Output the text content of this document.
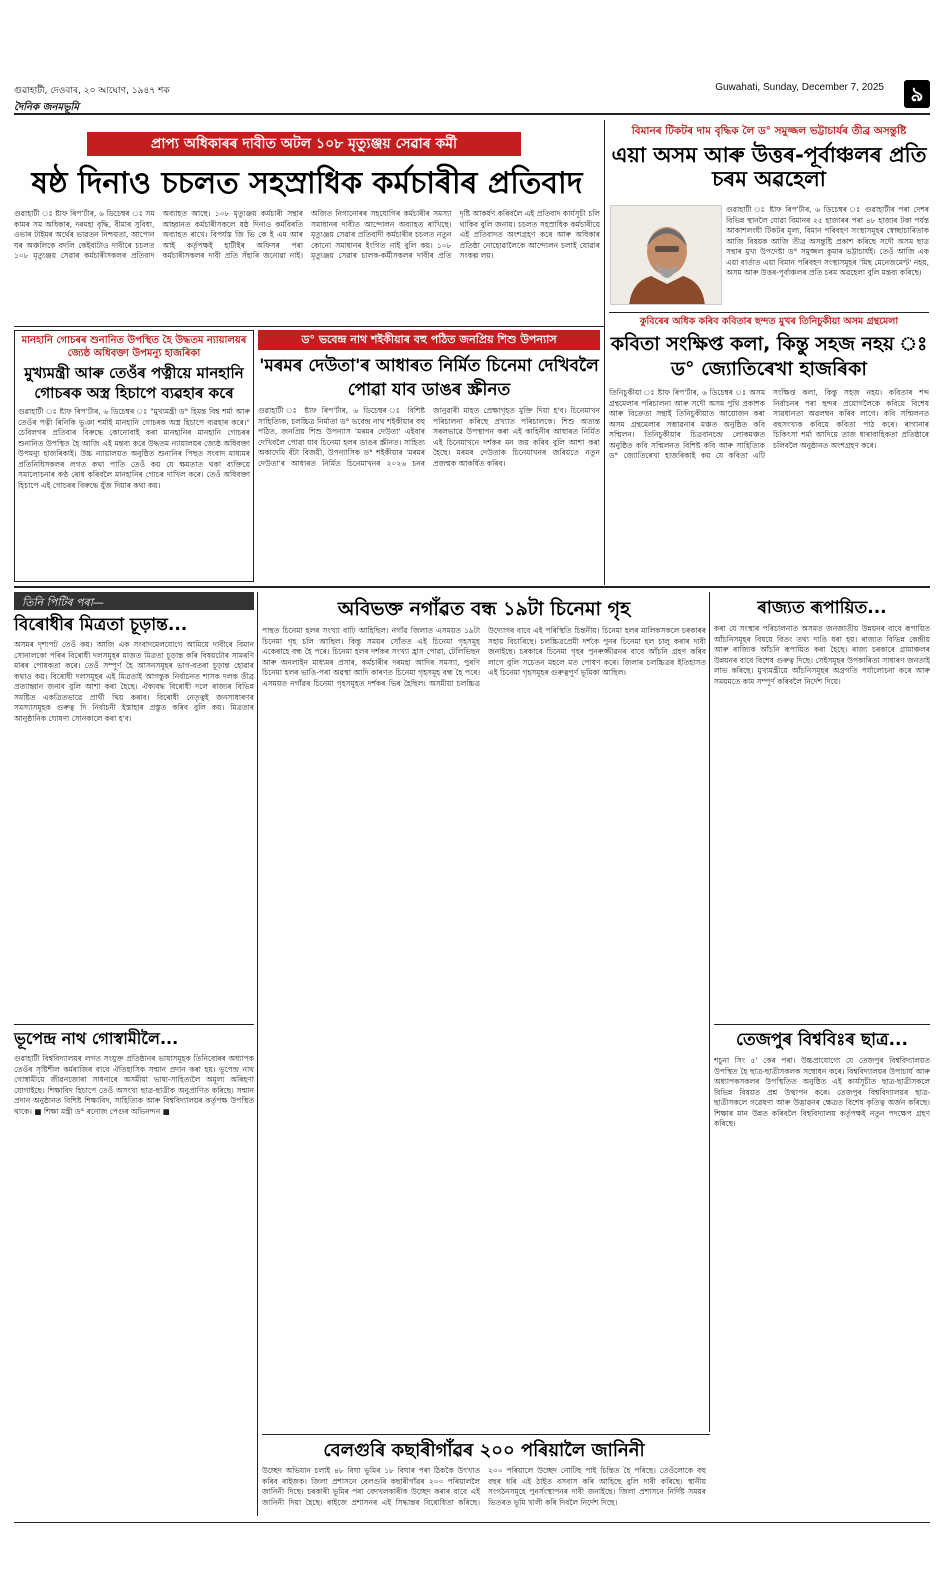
গুৱাহাটী, দেওবাৰ, ২০ আঘোণ, ১৯৪৭ শক	Guwahati, Sunday, December 7, 2025	৯
দৈনিক জনমভূমি
প্ৰাপ্য অধিকাৰৰ দাবীত অটল ১০৮ মৃত্যুঞ্জয় সেৱাৰ কৰ্মী
ষষ্ঠ দিনাও চচলত সহস্ৰাধিক কৰ্মচাৰীৰ প্ৰতিবাদ
গুৱাহাটী ঃ ষ্টাফ ৰিপ'ৰ্টাৰ, ৬ ডিচেম্বৰ ঃ সম কামৰ সম অধিকাৰ, দৰমহা বৃদ্ধি, বীমাৰ সুবিধা, ওভাৰ টাইমৰ অৰ্থেৰ ভাৱতন নিশ্চয়তা, আপোন ঘৰ অঞ্চলিকে বদলি কেইবাটাও দাবীৰে চচলত ১০৮ মৃত্যুঞ্জয় সেৱাৰ কৰ্মচাৰীসকলৰ প্ৰতিবাদ অব্যাহত আছে। ১০৮ মৃত্যুঞ্জয় কৰ্মচাৰী সন্থাৰ আহ্বানত কৰ্মচাৰীসকলে ষষ্ঠ দিনাও কৰ্মবিৰতি অব্যাহত ৰাখে। বিপৰ্যস্ত জি ভি কে ই এম আৰ আই কৰ্তৃপক্ষই হাটীইৰ অফিসৰ পৰা কৰ্মচাৰীসকলৰ দাবী প্ৰতি সঁহাৰি জনোৱা নাই। অজিত নিগানোৰৰ সহযোগিৰ কৰ্মচাৰীৰ সমস্যা সমাধানৰ দাবীত আন্দোলন অব্যাহত ৰাখিছে। মৃত্যুঞ্জয় সেৱাৰ প্ৰতিবাদী কৰ্মচাৰীৰ চচলত নতুন কোনো সমাধানৰ ইংগিত নাই বুলি কয়। ১০৮ মৃত্যুঞ্জয় সেৱাৰ চালক-কৰ্মীসকলৰ দাবীৰ প্ৰতি দৃষ্টি আকৰ্ষণ কৰিবলৈ এই প্ৰতিবাদ কাৰ্যসূচী চলি থাকিব বুলি জনায়। চচলত সহস্ৰাধিক কৰ্মচাৰীয়ে এই প্ৰতিবাদত অংশগ্ৰহণ কৰে আৰু অধিকাৰ প্ৰতিষ্ঠা নোহোৱালৈকে আন্দোলন চলাই যোৱাৰ সংকল্প লয়।
বিমানৰ টিকটৰ দাম বৃদ্ধিক লৈ ড° সমুজ্জল ভট্টাচাৰ্যৰ তীব্ৰ অসন্তুষ্টি
এয়া অসম আৰু উত্তৰ-পূৰ্বাঞ্চলৰ প্ৰতি চৰম অৱহেলা
গুৱাহাটী ঃ ষ্টাফ ৰিপ'ৰ্টাৰ, ৬ ডিচেম্বৰ ঃ গুৱাহাটীৰ পৰা দেশৰ বিভিন্ন স্থানলৈ যোৱা বিমানৰ ২৫ হাজাৰৰ পৰা ৪৮ হাজাৰ টকা পৰ্যন্ত আকাশলংঘী টিকটৰ মূল্য, বিমান পৰিবহণ সংস্থাসমূহৰ স্বেচ্ছাচাৰিতাক আজি বিষয়ক আজি তীব্ৰ অসন্তুষ্টি প্ৰকাশ কৰিছে সদৌ অসম ছাত্ৰ সন্থাৰ মুখ্য উপদেষ্টা ড° সমুজ্জল কুমাৰ ভট্টাচাৰ্যই। তেওঁ আজি এক এয়া বাৰ্তাত এয়া বিমান পৰিবহণ সংস্থাসমূহৰ 'মিছ মেনেজমেণ্ট' নহয়, অসম আৰু উত্তৰ-পূৰ্বাঞ্চলৰ প্ৰতি চৰম অৱহেলা বুলি মন্তব্য কৰিছে।
মানহানি গোচৰৰ শুনানিত উপস্থিত হৈ উদ্ধতম ন্যায়ালয়ৰ জ্যেষ্ঠ অধিবক্তা উপমন্যু হাজৰিকা
মুখ্যমন্ত্ৰী আৰু তেওঁৰ পত্নীয়ে মানহানি গোচৰক অস্ত্ৰ হিচাপে ব্যৱহাৰ কৰে
গুৱাহাটী ঃ ষ্টাফ ৰিপ'ৰ্টাৰ, ৬ ডিচেম্বৰ ঃ "মুখ্যমন্ত্ৰী ড° হিমন্ত বিশ্ব শৰ্মা আৰু তেওঁৰ পত্নী ৰিনিকি ভূঞা শৰ্মাই মানহানি গোচৰক অস্ত্ৰ হিচাপে ব্যৱহাৰ কৰে।" চেবিলগৰ প্ৰতিবাৰ বিৰুদ্ধে কোনোবাই কৰা মানহানিৰ মানহানি গোচৰৰ শুনানিত উপস্থিত হৈ আজি এই মন্তব্য কৰে উদ্ধতম ন্যায়ালয়ৰ জ্যেষ্ঠ অধিবক্তা উপমন্যু হাজৰিকাই। উচ্চ ন্যায়ালয়ত অনুষ্ঠিত শুনানিৰ পিছত সংবাদ মাধ্যমৰ প্ৰতিনিধিসকলৰ লগত কথা পাতি তেওঁ কয় যে ক্ষমতাত থকা ব্যক্তিয়ে সমালোচনাৰ কণ্ঠ ৰোধ কৰিবলৈ মানহানিৰ গোচৰ দাখিল কৰে। তেওঁ অধিবক্তা হিচাপে এই গোচৰৰ বিৰুদ্ধে যুঁজ দিয়াৰ কথা কয়।
ড° ভবেন্দ্ৰ নাথ শইকীয়াৰ বহু পঠিত জনপ্ৰিয় শিশু উপন্যাস
'মৰমৰ দেউতা'ৰ আধাৰত নিৰ্মিত চিনেমা দেখিবলৈ পোৱা যাব ডাঙৰ স্ক্ৰীনত
গুৱাহাটী ঃ ষ্টাফ ৰিপ'ৰ্টাৰ, ৬ ডিচেম্বৰ ঃ বিশিষ্ট সাহিত্যিক, চলচ্চিত্ৰ নিৰ্মাতা ড° ভবেন্দ্ৰ নাথ শইকীয়াৰ বহু পঠিত, জনপ্ৰিয় শিশু উপন্যাস 'মৰমৰ দেউতা' এইবাৰ দেখিবলৈ পোৱা যাব চিনেমা হলৰ ডাঙৰ স্ক্ৰীনত। সাহিত্য অকাদেমি বঁটা বিজয়ী, উপন্যাসিক ড° শইকীয়াৰ 'মৰমৰ দেউতা'ৰ আধাৰত নিৰ্মিত চিনেমাখনৰ ২০২৬ চনৰ জানুৱাৰী মাহত প্ৰেক্ষাগৃহত মুক্তি দিয়া হ'ব। চিনেমাখন পৰিচালনা কৰিছে প্ৰখ্যাত পৰিচালকে। শিশু অত্যন্ত সৰলভাৱে উপস্থাপন কৰা এই কাহিনীৰ আধাৰত নিৰ্মিত এই চিনেমাখনে দৰ্শকৰ মন জয় কৰিব বুলি আশা কৰা হৈছে। মৰমৰ দেউতাক চিনেমাখনৰ জৰিয়তে নতুন প্ৰজন্মক আকৰ্ষিত কৰিব।
কুবিৰেৰ অধিক কৰিব কবিতাৰ ছন্দত মুখৰ তিনিচুকীয়া অসম গ্ৰন্থমেলা
কবিতা সংক্ষিপ্ত কলা, কিন্তু সহজ নহয় ঃ ড° জ্যোতিৰেখা হাজৰিকা
তিনিচুকীয়া ঃ ষ্টাফ ৰিপ'ৰ্টাৰ, ৬ ডিচেম্বৰ ঃ অসম গ্ৰন্থমেলাৰ পৰিচালনা আৰু সদৌ অসম পুথি প্ৰকাশক আৰু বিক্ৰেতা সন্থাই তিনিচুকীয়াত আয়োজন কৰা অসম গ্ৰন্থমেলাৰ সম্ভাৱনাৰ মঞ্চত অনুষ্ঠিত কবি সন্মিলন। তিনিচুকীয়াৰ চিত্ৰবানচন্দ্ৰ লোকমঞ্চত অনুষ্ঠিত কবি সন্মিলনত বিশিষ্ট কবি আৰু সাহিত্যিক ড° জ্যোতিৰেখা হাজৰিকাই কয় যে কবিতা এটি সংক্ষিপ্ত কলা, কিন্তু সহজ নহয়। কবিতাৰ শব্দ নিৰ্বাচনৰ পৰা ছন্দৰ প্ৰয়োগলৈকে কবিয়ে বিশেষ সাৱধানতা অৱলম্বন কৰিব লাগে। কবি সন্মিলনত বহুসংখ্যক কবিয়ে কবিতা পাঠ কৰে। ৰাগানাৰ চিকিৎসা শৰ্মা আদিয়ে তাজ ধাৰাবাহিকতা প্ৰতিষ্ঠাৰে চলিবলৈ অনুষ্ঠানত অংশগ্ৰহণ কৰে।
তিনি পিটিৰ পৰা—
বিৰোধীৰ মিত্ৰতা চূড়ান্ত...
অসমৰ দৃশ্যপট তেওঁ কয়। আজি এক সংবাদমেলযোগে আমিয়ে দাবীৰে বিমান সোনালকো পৰিৰ বিৰোধী দলসমূহৰ মাজত মিত্ৰতা চূড়ান্ত কৰি বিষয়টোৰ সামৰণি মাৰৰ পোষকতা কৰে। তেওঁ সম্পূৰ্ণ হৈ আসনসমূহৰ ভাগ-বতৰা চূড়ান্ত হোৱাৰ কথাও কয়। বিৰোধী দলসমূহৰ এই মিত্ৰতাই আগন্তুক নিৰ্বাচনত শাসক দলক তীব্ৰ প্ৰত্যাহ্বান জনাব বুলি আশা কৰা হৈছে। ঐক্যবদ্ধ বিৰোধী দলে ৰাজ্যৰ বিভিন্ন সমষ্টিত একত্ৰিতভাৱে প্ৰাৰ্থী থিয় কৰাব। বিৰোধী নেতৃত্বই জনসাধাৰণৰ সমস্যাসমূহক গুৰুত্ব দি নিৰ্বাচনী ইস্তাহাৰ প্ৰস্তুত কৰিব বুলি কয়। মিত্ৰতাৰ আনুষ্ঠানিক ঘোষণা সোনকালে কৰা হ'ব।
ভূপেন্দ্ৰ নাথ গোস্বামীলৈ...
গুৱাহাটী বিশ্ববিদ্যালয়ৰ লগত সংযুক্ত প্ৰতিষ্ঠানৰ ভাষাসমূহক তিনিবোৰৰ অধ্যাপক তেওঁৰ সৃষ্টিশীল কৰ্মৰাজিৰ বাবে ঐতিহাসিক সন্মান প্ৰদান কৰা হয়। ভূপেন্দ্ৰ নাথ গোস্বামীয়ে জীৱনজোৰা সাধনাৰে অসমীয়া ভাষা-সাহিত্যলৈ অমূল্য অৰিহণা যোগাইছে। শিক্ষাবিদ হিচাপে তেওঁ অসংখ্য ছাত্ৰ-ছাত্ৰীক অনুপ্ৰাণিত কৰিছে। সন্মান প্ৰদান অনুষ্ঠানত বিশিষ্ট শিক্ষাবিদ, সাহিত্যিক আৰু বিশ্ববিদ্যালয়ৰ কৰ্তৃপক্ষ উপস্থিত থাকে। ■ শিক্ষা মন্ত্ৰী ড° ৰনোজ পেগুৰ অভিনন্দন ■
অবিভক্ত নগাঁৱত বন্ধ ১৯টা চিনেমা গৃহ
পাছত চিনেমা হলৰ সংখ্যা বাঢ়ি আহিছিল। নগাঁৱ জিলাত এসময়ত ১৯টা চিনেমা গৃহ চলি আছিল। কিন্তু সময়ৰ সোঁতত এই চিনেমা গৃহসমূহ একেৰাহে বন্ধ হৈ পৰে। চিনেমা হলৰ দৰ্শকৰ সংখ্যা হ্ৰাস পোৱা, টেলিভিছন আৰু অনলাইন মাধ্যমৰ প্ৰসাৰ, কৰ্মচাৰীৰ দৰমহা আদিৰ সমস্যা, পুৰণি চিনেমা হলৰ ভাঙি-পৰা অৱস্থা আদি কাৰণত চিনেমা গৃহসমূহ বন্ধ হৈ পৰে। এসময়ত নগাঁৱৰ চিনেমা গৃহসমূহত দৰ্শকৰ ভিৰ হৈছিল। অসমীয়া চলচ্চিত্ৰ উদ্যোগৰ বাবে এই পৰিস্থিতি চিন্তনীয়। চিনেমা হলৰ মালিকসকলে চৰকাৰৰ সহায় বিচাৰিছে। চলচ্চিত্ৰপ্ৰেমী দৰ্শকে পুনৰ চিনেমা হল চালু কৰাৰ দাবী জনাইছে। চৰকাৰে চিনেমা গৃহৰ পুনৰুজ্জীৱনৰ বাবে আঁচনি গ্ৰহণ কৰিব লাগে বুলি সচেতন মহলে মত পোষণ কৰে। জিলাৰ চলচ্চিত্ৰৰ ইতিহাসত এই চিনেমা গৃহসমূহৰ গুৰুত্বপূৰ্ণ ভূমিকা আছিল।
ৰাজ্যত ৰূপায়িত...
কৰা যে সংস্থাৰ পৰিচালনাত অসমত জনজাতীয় উন্নয়নৰ বাবে ৰূপায়িত আঁচনিসমূহৰ বিষয়ে বিতং তথ্য দাঙি ধৰা হয়। ৰাজ্যত বিভিন্ন কেন্দ্ৰীয় আৰু ৰাজ্যিক আঁচনি ৰূপায়িত কৰা হৈছে। ৰাজ্য চৰকাৰে গ্ৰামাঞ্চলৰ উন্নয়নৰ বাবে বিশেষ গুৰুত্ব দিছে। সেইসমূহৰ উপকাৰিতা সাধাৰণ জনতাই লাভ কৰিছে। মুখ্যমন্ত্ৰীয়ে আঁচনিসমূহৰ অগ্ৰগতি পৰ্যালোচনা কৰে আৰু সময়মতে কাম সম্পূৰ্ণ কৰিবলৈ নিৰ্দেশ দিয়ে।
তেজপুৰ বিশ্ববিঃৰ ছাত্ৰ...
শচুনা সিং ৫' কেৰ পৰা। উচ্চপ্ৰাযোগ্যে যে তেজপুৰ বিশ্ববিদ্যালয়ত উপস্থিত হৈ ছাত্ৰ-ছাত্ৰীসকলক সম্বোধন কৰে। বিশ্ববিদ্যালয়ৰ উপাচাৰ্য আৰু অধ্যাপকসকলৰ উপস্থিতিত অনুষ্ঠিত এই কাৰ্যসূচীত ছাত্ৰ-ছাত্ৰীসকলে বিভিন্ন বিষয়ত প্ৰশ্ন উত্থাপন কৰে। তেজপুৰ বিশ্ববিদ্যালয়ৰ ছাত্ৰ-ছাত্ৰীসকলে গৱেষণা আৰু উদ্ভাৱনৰ ক্ষেত্ৰত বিশেষ কৃতিত্ব অৰ্জন কৰিছে। শিক্ষাৰ মান উন্নত কৰিবলৈ বিশ্ববিদ্যালয় কৰ্তৃপক্ষই নতুন পদক্ষেপ গ্ৰহণ কৰিছে।
বেলগুৰি কছাৰীগাঁৱৰ ২০০ পৰিয়ালৈ জানিনী
উচ্ছেদ অভিযান চলাই ৪৮ বিঘা ভূমিৰ ১৮ বিঘাৰ পৰা ঠিককৈ উৎখাত কৰিব ৰাইজক। জিলা প্ৰশাসনে বেলগুৰি কছাৰীগাঁৱৰ ২০০ পৰিয়াললৈ জানিনী দিছে। চৰকাৰী ভূমিৰ পৰা বেদখলকাৰীক উচ্ছেদ কৰাৰ বাবে এই জানিনী দিয়া হৈছে। ৰাইজে প্ৰশাসনৰ এই সিদ্ধান্তৰ বিৰোধিতা কৰিছে। ২০০ পৰিয়ালে উচ্ছেদ নোটিছ পাই চিন্তিত হৈ পৰিছে। তেওঁলোকে বহু বছৰ ধৰি এই ঠাইত বসবাস কৰি আহিছে বুলি দাবী কৰিছে। স্থানীয় সংগঠনসমূহে পুনৰ্সংস্থাপনৰ দাবী জনাইছে। জিলা প্ৰশাসনে নিৰ্দিষ্ট সময়ৰ ভিতৰত ভূমি খালী কৰি দিবলৈ নিৰ্দেশ দিছে।
